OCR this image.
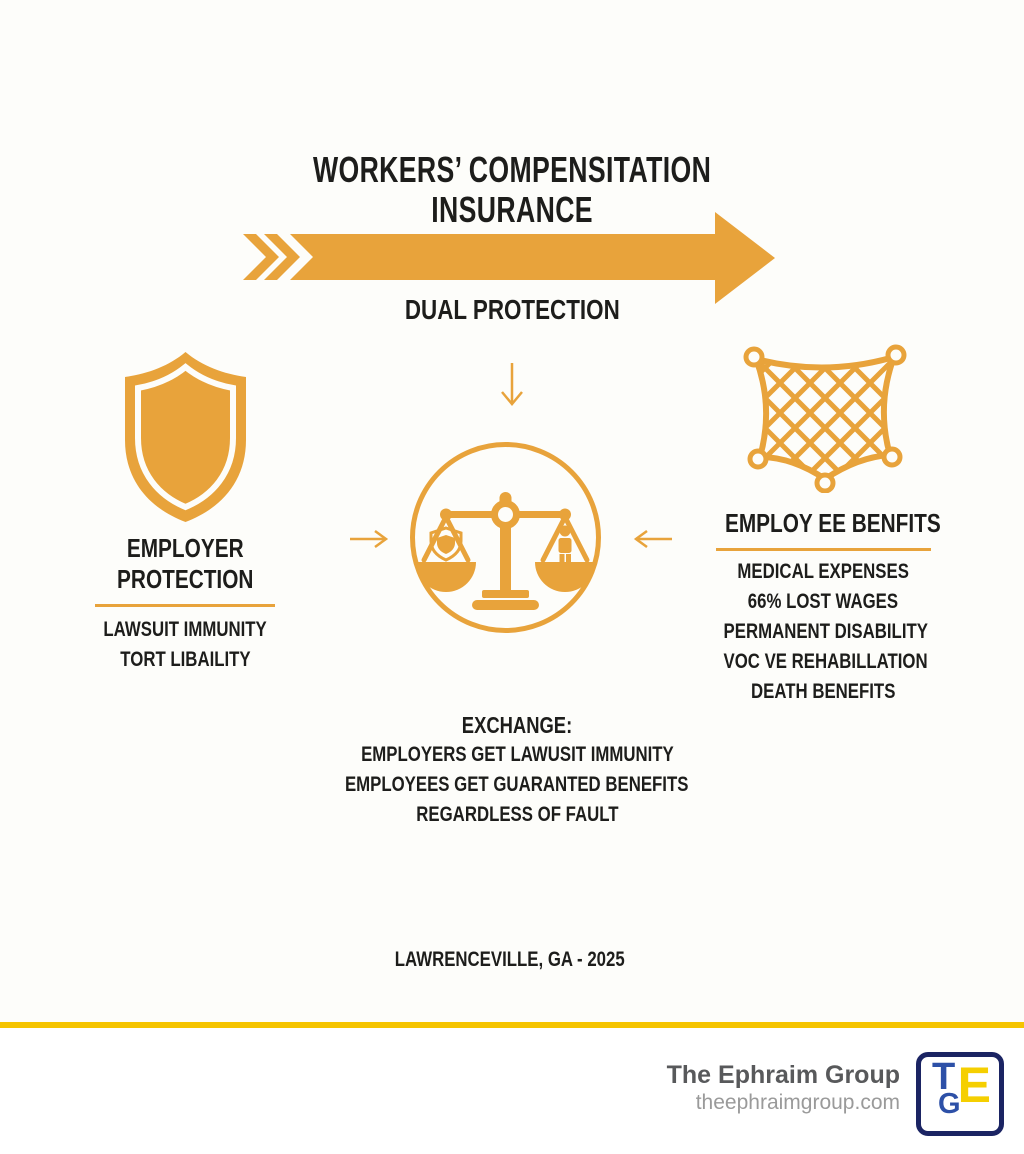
WORKERS’ COMPENSITATION
INSURANCE
DUAL PROTECTION
EMPLOYER
PROTECTION
LAWSUIT IMMUNITY
TORT LIBAILITY
EMPLOY EE BENFITS
MEDICAL EXPENSES
66% LOST WAGES
PERMANENT DISABILITY
VOC VE REHABILLATION
DEATH BENEFITS
EXCHANGE:
EMPLOYERS GET LAWUSIT IMMUNITY
EMPLOYEES GET GUARANTED BENEFITS
REGARDLESS OF FAULT
LAWRENCEVILLE, GA - 2025
The Ephraim Group
theephraimgroup.com E
T
G
